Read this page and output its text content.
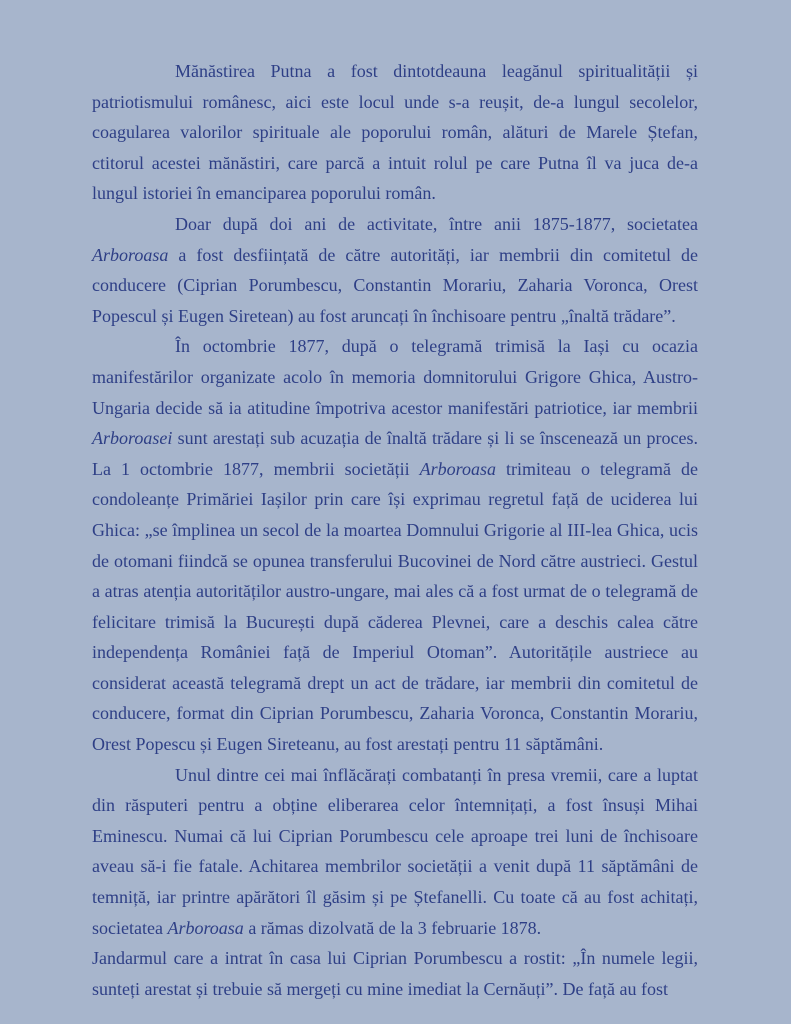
Mănăstirea Putna a fost dintotdeauna leagănul spiritualității și patriotismului românesc, aici este locul unde s-a reușit, de-a lungul secolelor, coagularea valorilor spirituale ale poporului român, alături de Marele Ștefan, ctitorul acestei mănăstiri, care parcă a intuit rolul pe care Putna îl va juca de-a lungul istoriei în emanciparea poporului român.

Doar după doi ani de activitate, între anii 1875-1877, societatea Arboroasa a fost desființată de către autorități, iar membrii din comitetul de conducere (Ciprian Porumbescu, Constantin Morariu, Zaharia Voronca, Orest Popescul și Eugen Siretean) au fost aruncați în închisoare pentru „înaltă trădare”.

În octombrie 1877, după o telegramă trimisă la Iași cu ocazia manifestărilor organizate acolo în memoria domnitorului Grigore Ghica, Austro-Ungaria decide să ia atitudine împotriva acestor manifestări patriotice, iar membrii Arboroasei sunt arestați sub acuzația de înaltă trădare și li se înscenează un proces. La 1 octombrie 1877, membrii societății Arboroasa trimiteau o telegramă de condoleanțe Primăriei Iașilor prin care își exprimau regretul față de uciderea lui Ghica: „se împlinea un secol de la moartea Domnului Grigorie al III-lea Ghica, ucis de otomani fiindcă se opunea transferului Bucovinei de Nord către austrieci. Gestul a atras atenția autorităților austro-ungare, mai ales că a fost urmat de o telegramă de felicitare trimisă la București după căderea Plevnei, care a deschis calea către independența României față de Imperiul Otoman”. Autoritățile austriece au considerat această telegramă drept un act de trădare, iar membrii din comitetul de conducere, format din Ciprian Porumbescu, Zaharia Voronca, Constantin Morariu, Orest Popescu și Eugen Sireteanu, au fost arestați pentru 11 săptămâni.

Unul dintre cei mai înflăcărați combatanți în presa vremii, care a luptat din răsputeri pentru a obține eliberarea celor întemnițați, a fost însuși Mihai Eminescu. Numai că lui Ciprian Porumbescu cele aproape trei luni de închisoare aveau să-i fie fatale. Achitarea membrilor societății a venit după 11 săptămâni de temniță, iar printre apărători îl găsim și pe Ștefanelli. Cu toate că au fost achitați, societatea Arboroasa a rămas dizolvată de la 3 februarie 1878.

Jandarmul care a intrat în casa lui Ciprian Porumbescu a rostit: „În numele legii, sunteți arestat și trebuie să mergeți cu mine imediat la Cernăuți”. De față au fost
